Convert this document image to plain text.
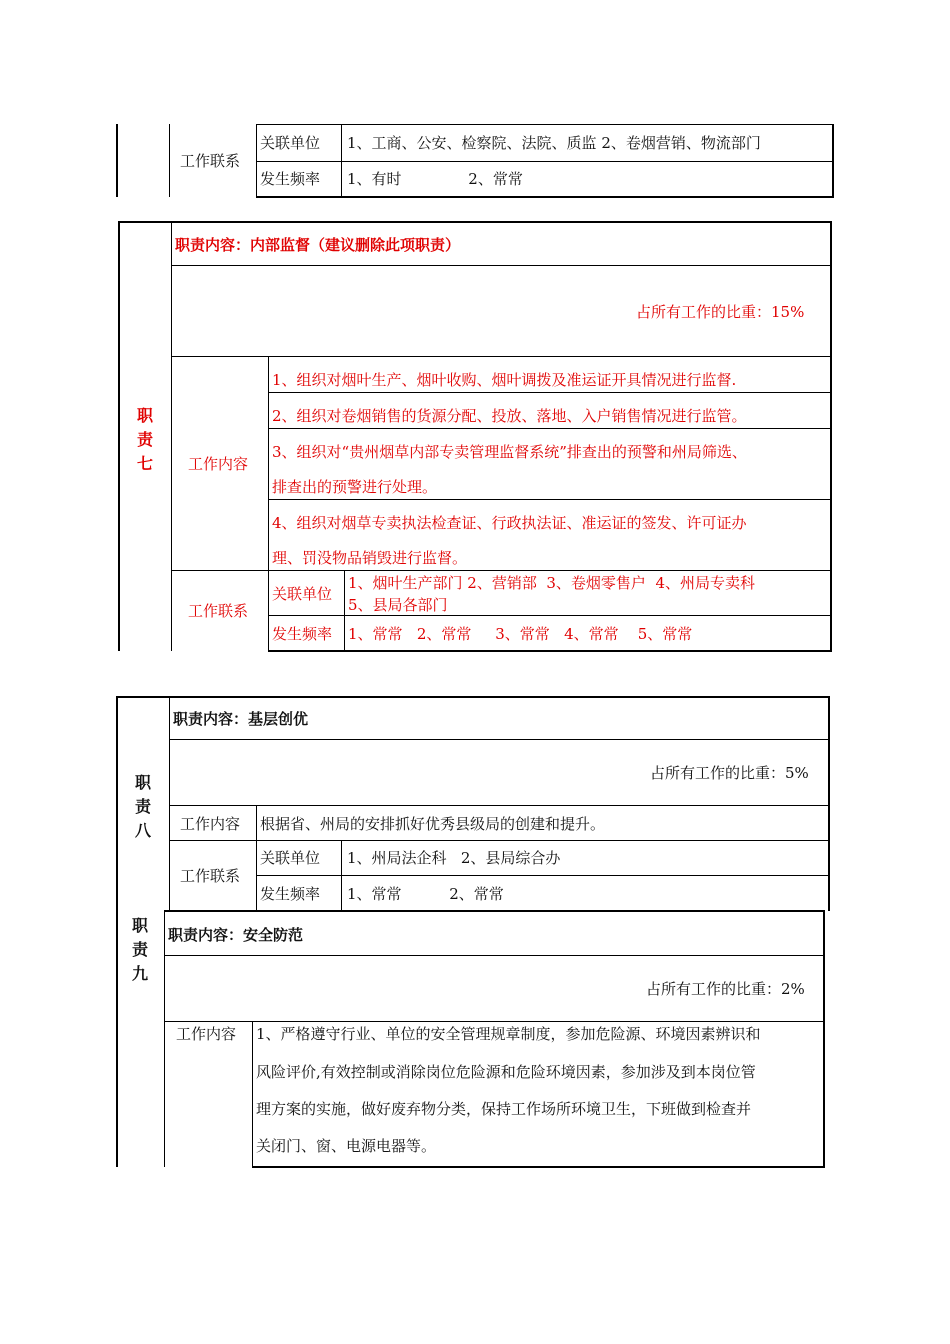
工作联系
关联单位 1、工商、公安、检察院、法院、质监 2、卷烟营销、物流部门
发生频率 1、有时              2、常常
职
责
七
职责内容：内部监督（建议删除此项职责）
占所有工作的比重：15%
工作内容
1、组织对烟叶生产、烟叶收购、烟叶调拨及准运证开具情况进行监督.
2、组织对卷烟销售的货源分配、投放、落地、入户销售情况进行监管。
3、组织对“贵州烟草内部专卖管理监督系统”排查出的预警和州局筛选、
排查出的预警进行处理。
4、组织对烟草专卖执法检查证、行政执法证、准运证的签发、许可证办
理、罚没物品销毁进行监督。
工作联系
关联单位
1、烟叶生产部门 2、营销部  3、卷烟零售户  4、州局专卖科
5、县局各部门
发生频率 1、常常   2、常常     3、常常   4、常常    5、常常
职
责
八
职责内容：基层创优
占所有工作的比重：5%
工作内容 根据省、州局的安排抓好优秀县级局的创建和提升。
工作联系
关联单位 1、州局法企科   2、县局综合办
发生频率 1、常常          2、常常
职
责
九
职责内容：安全防范
占所有工作的比重：2%
工作内容 1、严格遵守行业、单位的安全管理规章制度，参加危险源、环境因素辨识和
风险评价,有效控制或消除岗位危险源和危险环境因素，参加涉及到本岗位管
理方案的实施，做好废弃物分类，保持工作场所环境卫生，下班做到检查并
关闭门、窗、电源电器等。
